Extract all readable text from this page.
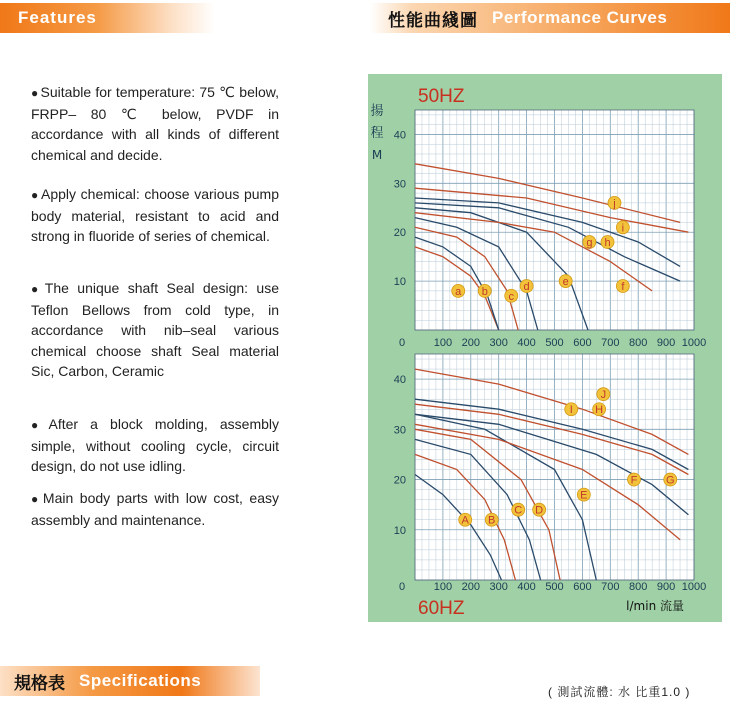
Features	性能曲綫圖 Performance Curves
● Suitable for temperature: 75 ℃ below, FRPP– 80 ℃ below, PVDF in accordance with all kinds of different chemical and decide.
● Apply chemical: choose various pump body material, resistant to acid and strong in fluoride of series of chemical.
● The unique shaft Seal design: use Teflon Bellows from cold type, in accordance with nib–seal various chemical choose shaft Seal material Sic, Carbon, Ceramic
● After a block molding, assembly simple, without cooling cycle, circuit design, do not use idling.
● Main body parts with low cost, easy assembly and maintenance.
100 200 300 400 500 600 700 800 900 1000
0
10
20
30
40
a b c
d	e	f
g h
i
j
50HZ
揚
程
M
100 200 300 400 500 600 700 800 900 1000
0
10
20
30
40
A B
C D
E
F	G
H
I
J
60HZ	l/min 流量
規格表 Specifications
( 測試流體: 水 比重1.0 )
